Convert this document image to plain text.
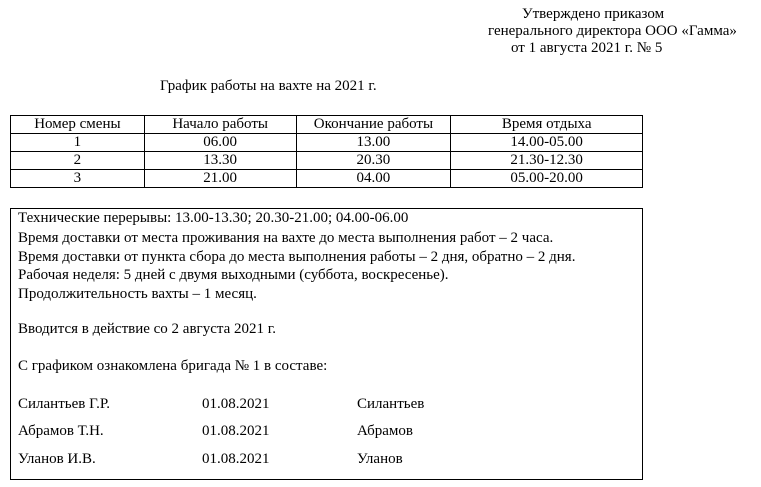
Утверждено приказом
генерального директора ООО «Гамма»
от 1 августа 2021 г. № 5
График работы на вахте на 2021 г.
Номер смены	Начало работы	Окончание работы	Время отдыха
1	06.00	13.00	14.00-05.00
2	13.30	20.30	21.30-12.30
3	21.00	04.00	05.00-20.00
Технические перерывы: 13.00-13.30; 20.30-21.00; 04.00-06.00
Время доставки от места проживания на вахте до места выполнения работ – 2 часа.
Время доставки от пункта сбора до места выполнения работы – 2 дня, обратно – 2 дня.
Рабочая неделя: 5 дней с двумя выходными (суббота, воскресенье).
Продолжительность вахты – 1 месяц.
Вводится в действие со 2 августа 2021 г.
С графиком ознакомлена бригада № 1 в составе:
Силантьев Г.Р.	01.08.2021	Силантьев
Абрамов Т.Н.	01.08.2021	Абрамов
Уланов И.В.	01.08.2021	Уланов
